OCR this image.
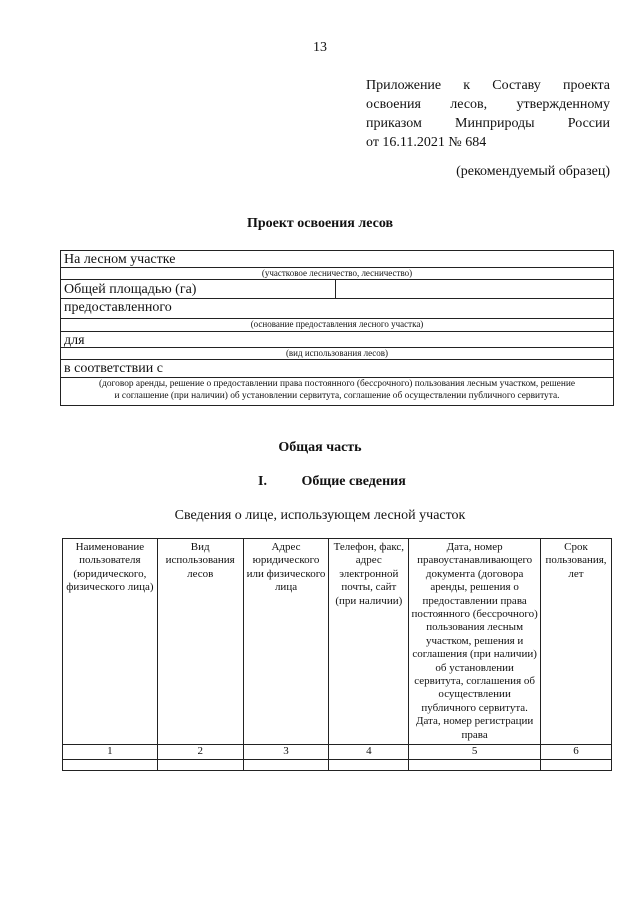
13
Приложение к Составу проекта
освоения лесов, утвержденному
приказом Минприроды России
от 16.11.2021 № 684
(рекомендуемый образец)
Проект освоения лесов
На лесном участке
(участковое лесничество, лесничество)
Общей площадью (га)
предоставленного
(основание предоставления лесного участка)
для
(вид использования лесов)
в соответствии с
(договор аренды, решение о предоставлении права постоянного (бессрочного) пользования лесным участком, решение
и соглашение (при наличии) об установлении сервитута, соглашение об осуществлении публичного сервитута.
Общая часть
I. Общие сведения
Сведения о лице, использующем лесной участок
Наименование пользователя (юридического, физического лица)	Вид использования лесов	Адрес юридического или физического лица	Телефон, факс, адрес электронной почты, сайт (при наличии)	Дата, номер правоустанавливающего документа (договора аренды, решения о предоставлении права постоянного (бессрочного) пользования лесным участком, решения и соглашения (при наличии) об установлении сервитута, соглашения об осуществлении публичного сервитута. Дата, номер регистрации права	Срок пользования, лет
1	2	3	4	5	6
